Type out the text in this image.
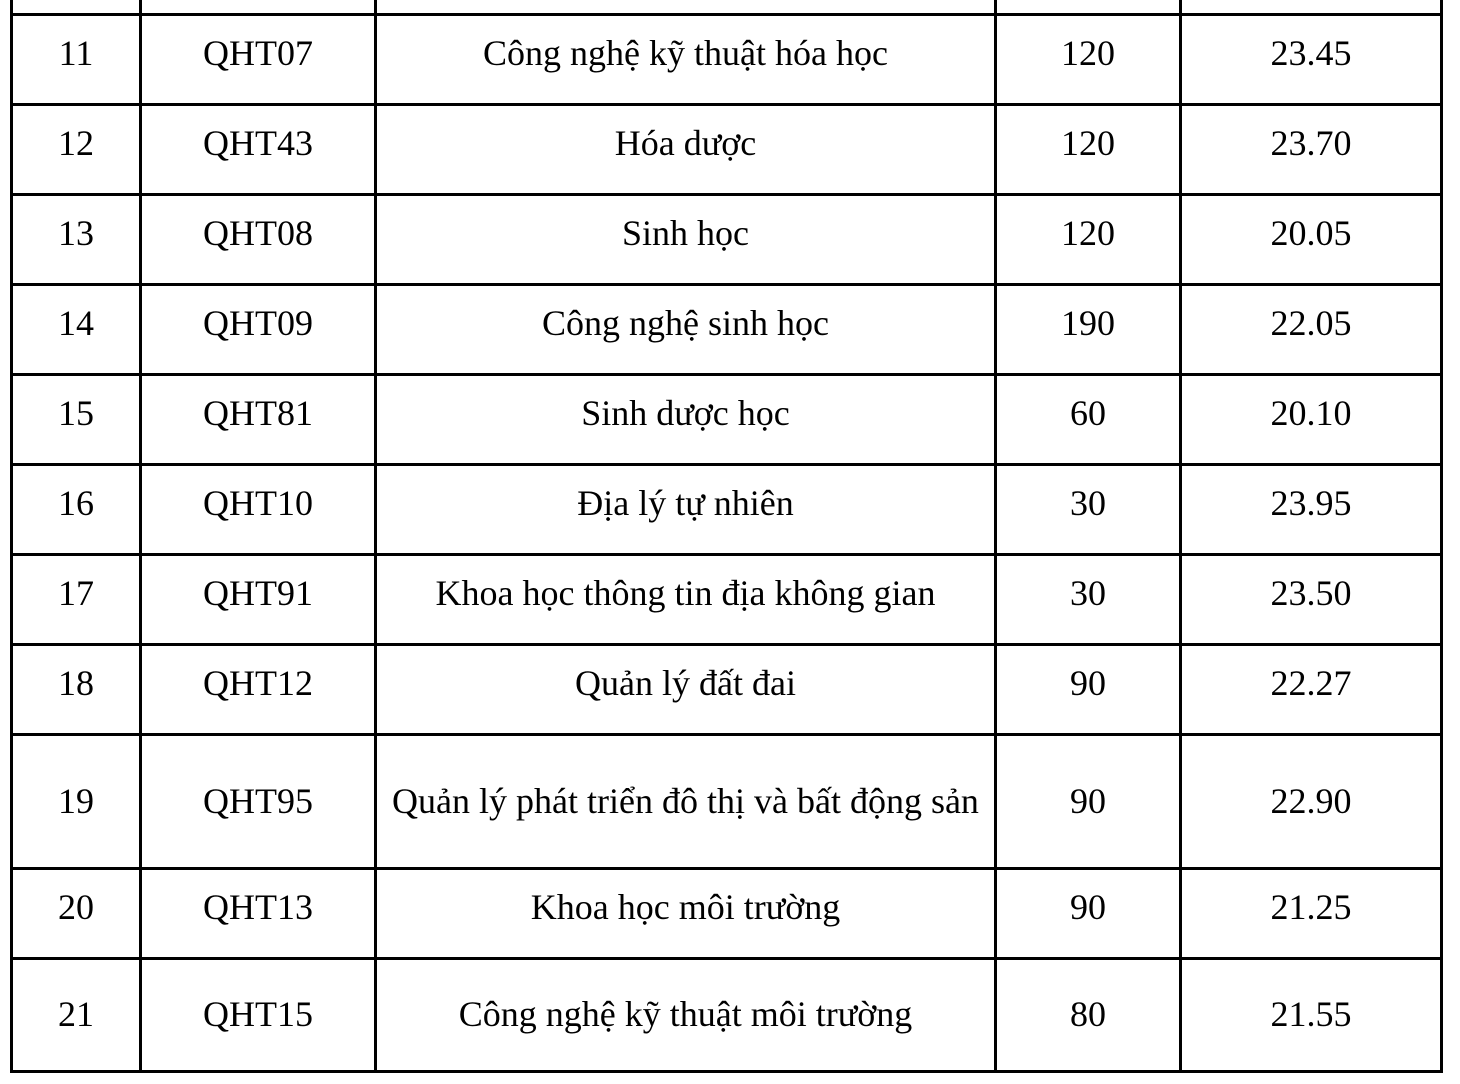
11	QHT07	Công nghệ kỹ thuật hóa học	120	23.45
12	QHT43	Hóa dược	120	23.70
13	QHT08	Sinh học	120	20.05
14	QHT09	Công nghệ sinh học	190	22.05
15	QHT81	Sinh dược học	60	20.10
16	QHT10	Địa lý tự nhiên	30	23.95
17	QHT91	Khoa học thông tin địa không gian	30	23.50
18	QHT12	Quản lý đất đai	90	22.27
19	QHT95	Quản lý phát triển đô thị và bất động sản	90	22.90
20	QHT13	Khoa học môi trường	90	21.25
21	QHT15	Công nghệ kỹ thuật môi trường	80	21.55
